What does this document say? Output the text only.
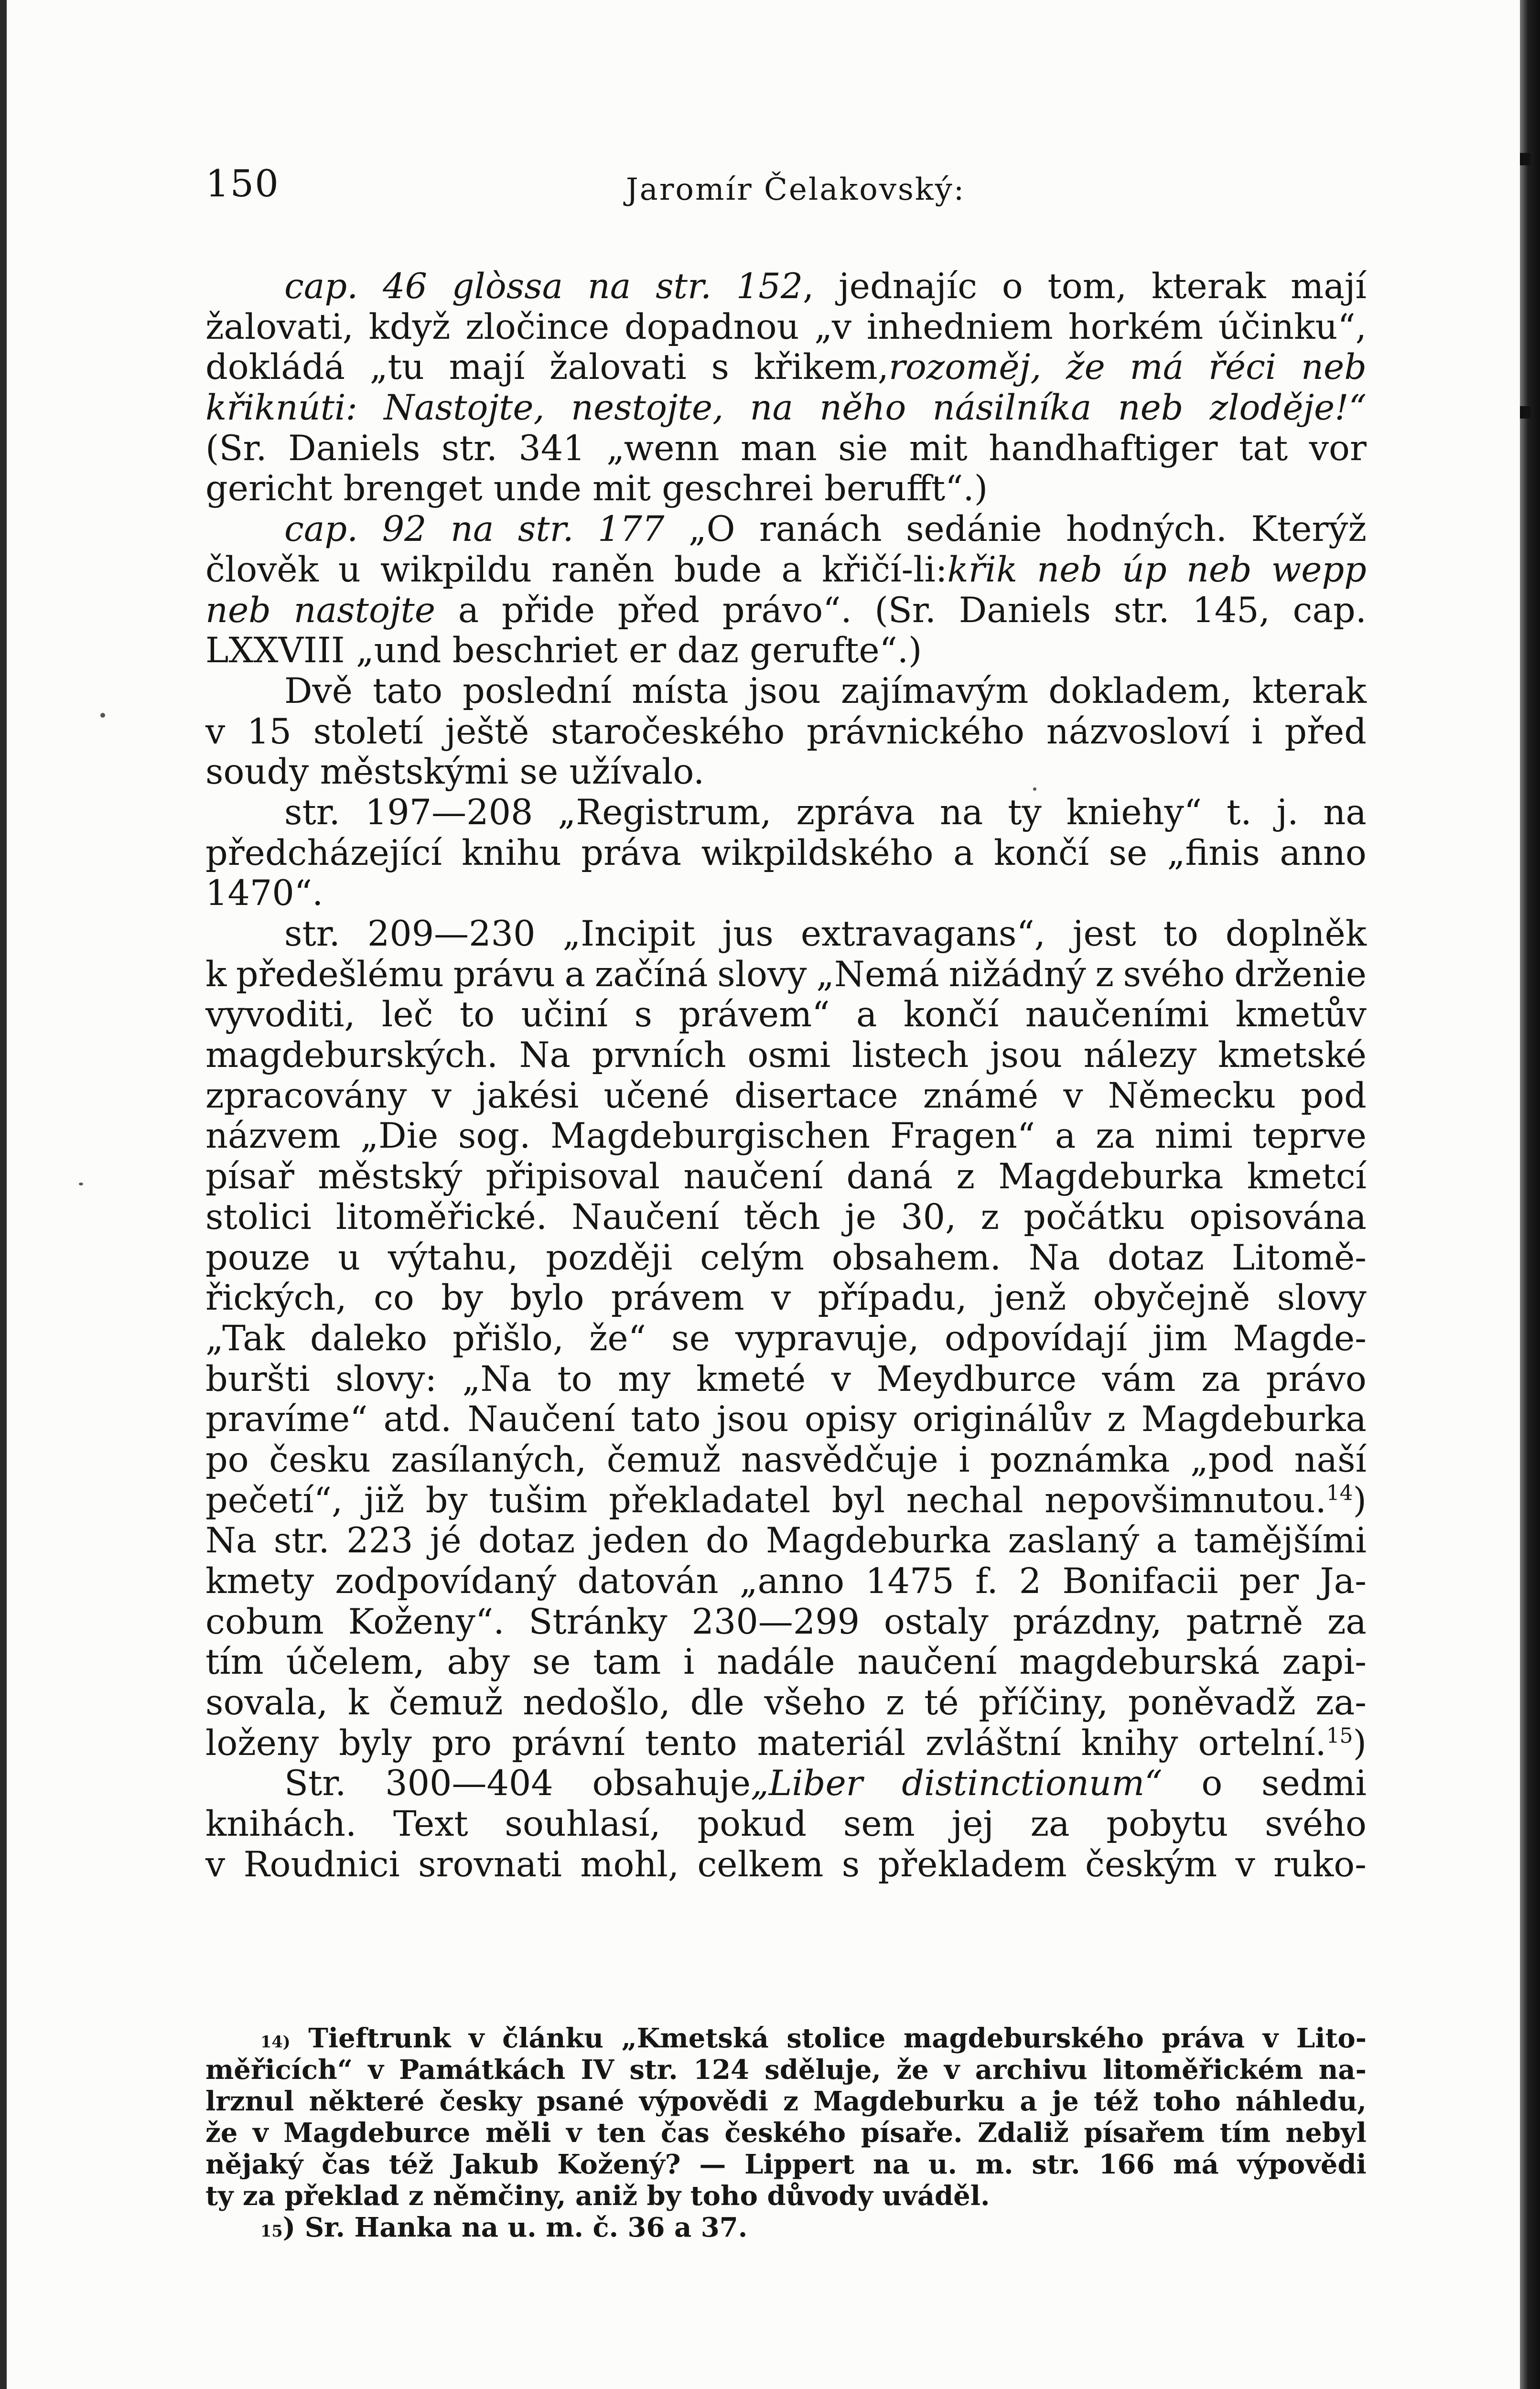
150	Jaromír Čelakovský:
cap. 46 glòssa na str. 152, jednajíc o tom, kterak mají
žalovati, když zločince dopadnou „v inhedniem horkém účinku“,
dokládá „tu mají žalovati s křikem,rozoměj, že má řéci neb
křiknúti: Nastojte, nestojte, na něho násilníka neb zloděje!“
(Sr. Daniels str. 341 „wenn man sie mit handhaftiger tat vor
gericht brenget unde mit geschrei berufft“.)
cap. 92 na str. 177 „O ranách sedánie hodných. Kterýž
člověk u wikpildu raněn bude a křičí-li:křik neb úp neb wepp
neb nastojte a přide před právo“. (Sr. Daniels str. 145, cap.
LXXVIII „und beschriet er daz gerufte“.)
Dvě tato poslední místa jsou zajímavým dokladem, kterak
v 15 století ještě staročeského právnického názvosloví i před
soudy městskými se užívalo.
str. 197—208 „Registrum, zpráva na ty kniehy“ t. j. na
předcházející knihu práva wikpildského a končí se „finis anno
1470“.
str. 209—230 „Incipit jus extravagans“, jest to doplněk
k předešlému právu a začíná slovy „Nemá nižádný z svého drženie
vyvoditi, leč to učiní s právem“ a končí naučeními kmetův
magdeburských. Na prvních osmi listech jsou nálezy kmetské
zpracovány v jakési učené disertace známé v Německu pod
názvem „Die sog. Magdeburgischen Fragen“ a za nimi teprve
písař městský připisoval naučení daná z Magdeburka kmetcí
stolici litoměřické. Naučení těch je 30, z počátku opisována
pouze u výtahu, později celým obsahem. Na dotaz Litomě-
řických, co by bylo právem v případu, jenž obyčejně slovy
„Tak daleko přišlo, že“ se vypravuje, odpovídají jim Magde-
buršti slovy: „Na to my kmeté v Meydburce vám za právo
pravíme“ atd. Naučení tato jsou opisy originálův z Magdeburka
po česku zasílaných, čemuž nasvědčuje i poznámka „pod naší
pečetí“, již by tušim překladatel byl nechal nepovšimnutou.$^{14}$)
Na str. 223 jé dotaz jeden do Magdeburka zaslaný a tamějšími
kmety zodpovídaný datován „anno 1475 f. 2 Bonifacii per Ja-
cobum Koženy“. Stránky 230—299 ostaly prázdny, patrně za
tím účelem, aby se tam i nadále naučení magdeburská zapi-
sovala, k čemuž nedošlo, dle všeho z té příčiny, poněvadž za-
loženy byly pro právní tento materiál zvláštní knihy ortelní.$^{15}$)
Str. 300—404 obsahuje„Liber distinctionum“ o sedmi
knihách. Text souhlasí, pokud sem jej za pobytu svého
v Roudnici srovnati mohl, celkem s překladem českým v ruko-
14) Tieftrunk v článku „Kmetská stolice magdeburského práva v Lito-
měřicích“ v Památkách IV str. 124 sděluje, že v archivu litoměřickém na-
lrznul některé česky psané výpovědi z Magdeburku a je též toho náhledu,
že v Magdeburce měli v ten čas českého písaře. Zdaliž písařem tím nebyl
nějaký čas též Jakub Kožený? — Lippert na u. m. str. 166 má výpovědi
ty za překlad z němčiny, aniž by toho důvody uváděl.
15 ) Sr. Hanka na u. m. č. 36 a 37.
